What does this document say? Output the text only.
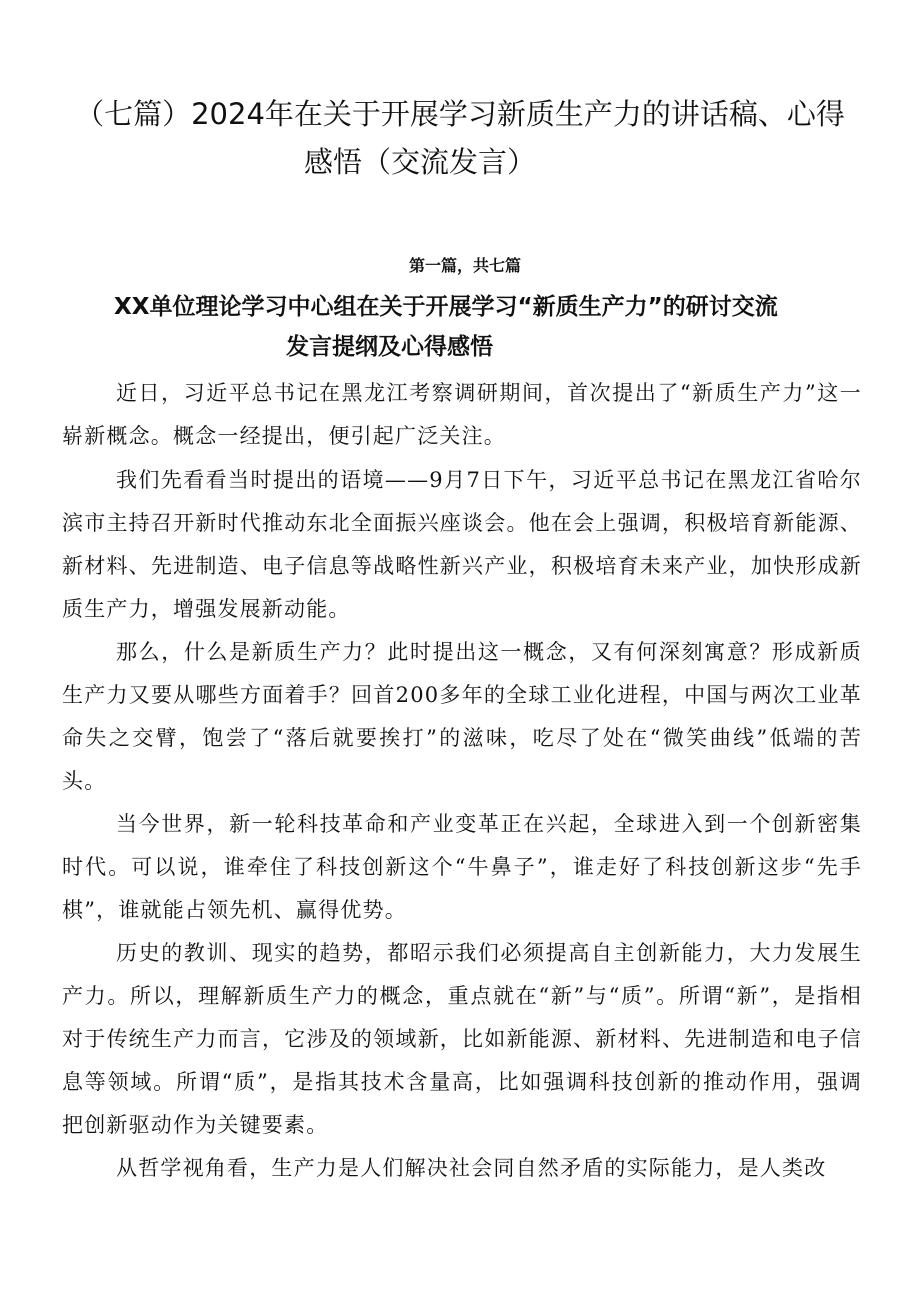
（七篇）2024年在关于开展学习新质生产力的讲话稿、心得
感悟（交流发言）
第一篇，共七篇
XX单位理论学习中心组在关于开展学习“新质生产力”的研讨交流
发言提纲及心得感悟

近日，习近平总书记在黑龙江考察调研期间，首次提出了“新质生产力”这一崭新概念。概念一经提出，便引起广泛关注。

我们先看看当时提出的语境——9月7日下午，习近平总书记在黑龙江省哈尔滨市主持召开新时代推动东北全面振兴座谈会。他在会上强调，积极培育新能源、新材料、先进制造、电子信息等战略性新兴产业，积极培育未来产业，加快形成新质生产力，增强发展新动能。

那么，什么是新质生产力？此时提出这一概念，又有何深刻寓意？形成新质生产力又要从哪些方面着手？回首200多年的全球工业化进程，中国与两次工业革命失之交臂，饱尝了“落后就要挨打”的滋味，吃尽了处在“微笑曲线”低端的苦头。

当今世界，新一轮科技革命和产业变革正在兴起，全球进入到一个创新密集时代。可以说，谁牵住了科技创新这个“牛鼻子”，谁走好了科技创新这步“先手棋”，谁就能占领先机、赢得优势。

历史的教训、现实的趋势，都昭示我们必须提高自主创新能力，大力发展生产力。所以，理解新质生产力的概念，重点就在“新”与“质”。所谓“新”，是指相对于传统生产力而言，它涉及的领域新，比如新能源、新材料、先进制造和电子信息等领域。所谓“质”，是指其技术含量高，比如强调科技创新的推动作用，强调把创新驱动作为关键要素。

从哲学视角看，生产力是人们解决社会同自然矛盾的实际能力，是人类改
